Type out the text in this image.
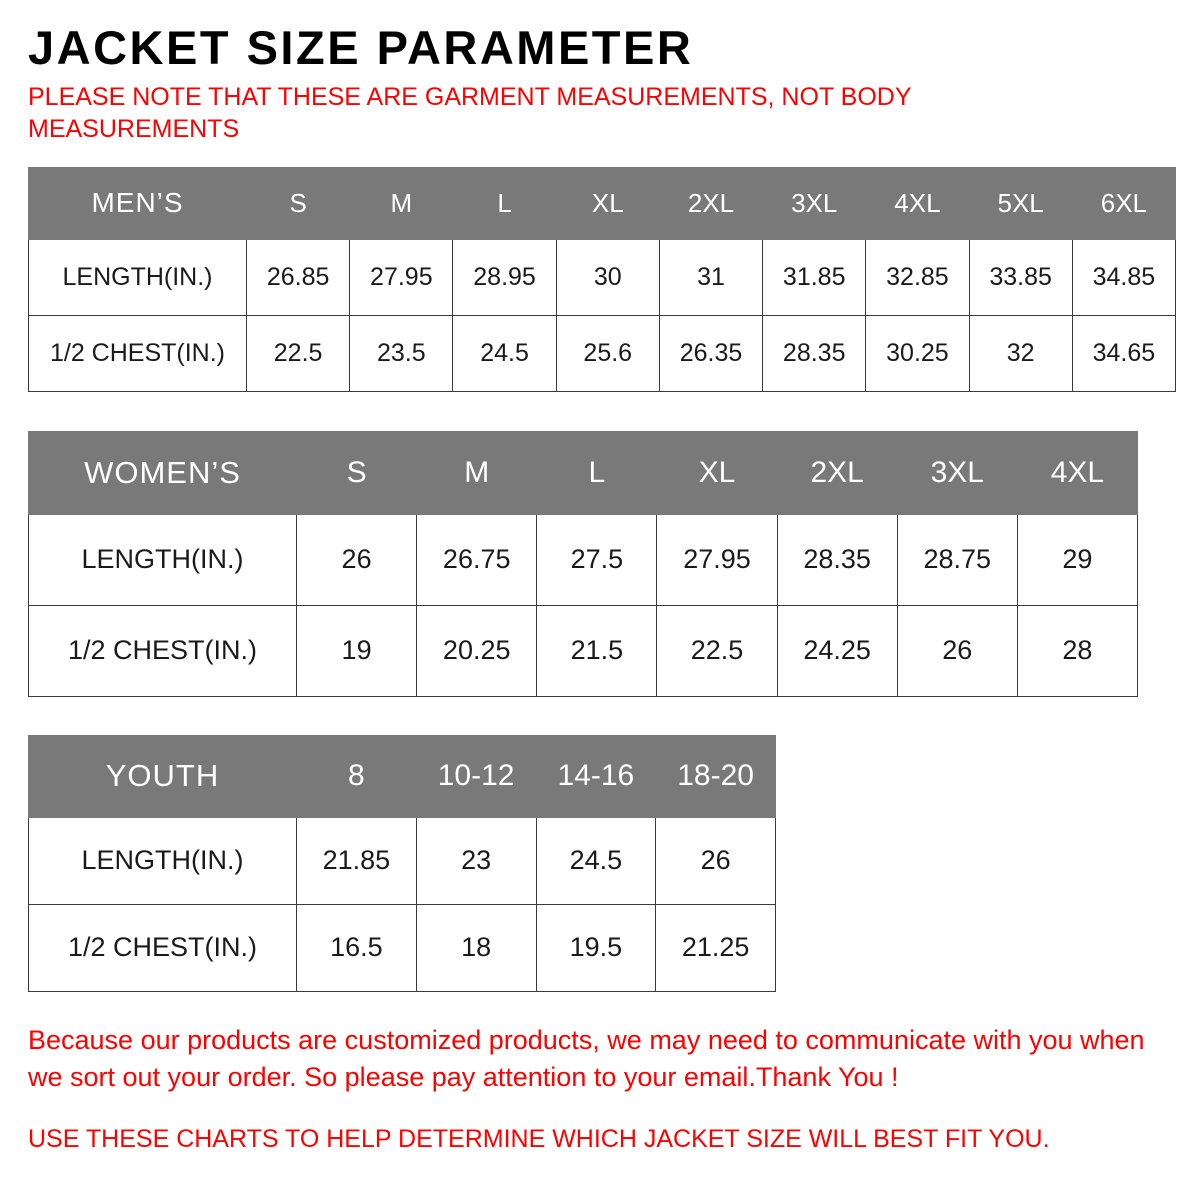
JACKET SIZE PARAMETER

PLEASE NOTE THAT THESE ARE GARMENT MEASUREMENTS, NOT BODY MEASUREMENTS

MEN’S	S	M	L	XL	2XL	3XL	4XL	5XL	6XL
LENGTH(IN.)	26.85	27.95	28.95	30	31	31.85	32.85	33.85	34.85
1/2 CHEST(IN.)	22.5	23.5	24.5	25.6	26.35	28.35	30.25	32	34.65
WOMEN’S	S	M	L	XL	2XL	3XL	4XL
LENGTH(IN.)	26	26.75	27.5	27.95	28.35	28.75	29
1/2 CHEST(IN.)	19	20.25	21.5	22.5	24.25	26	28
YOUTH	8	10-12	14-16	18-20
LENGTH(IN.)	21.85	23	24.5	26
1/2 CHEST(IN.)	16.5	18	19.5	21.25

Because our products are customized products, we may need to communicate with you when we sort out your order. So please pay attention to your email.Thank You !

USE THESE CHARTS TO HELP DETERMINE WHICH JACKET SIZE WILL BEST FIT YOU.
